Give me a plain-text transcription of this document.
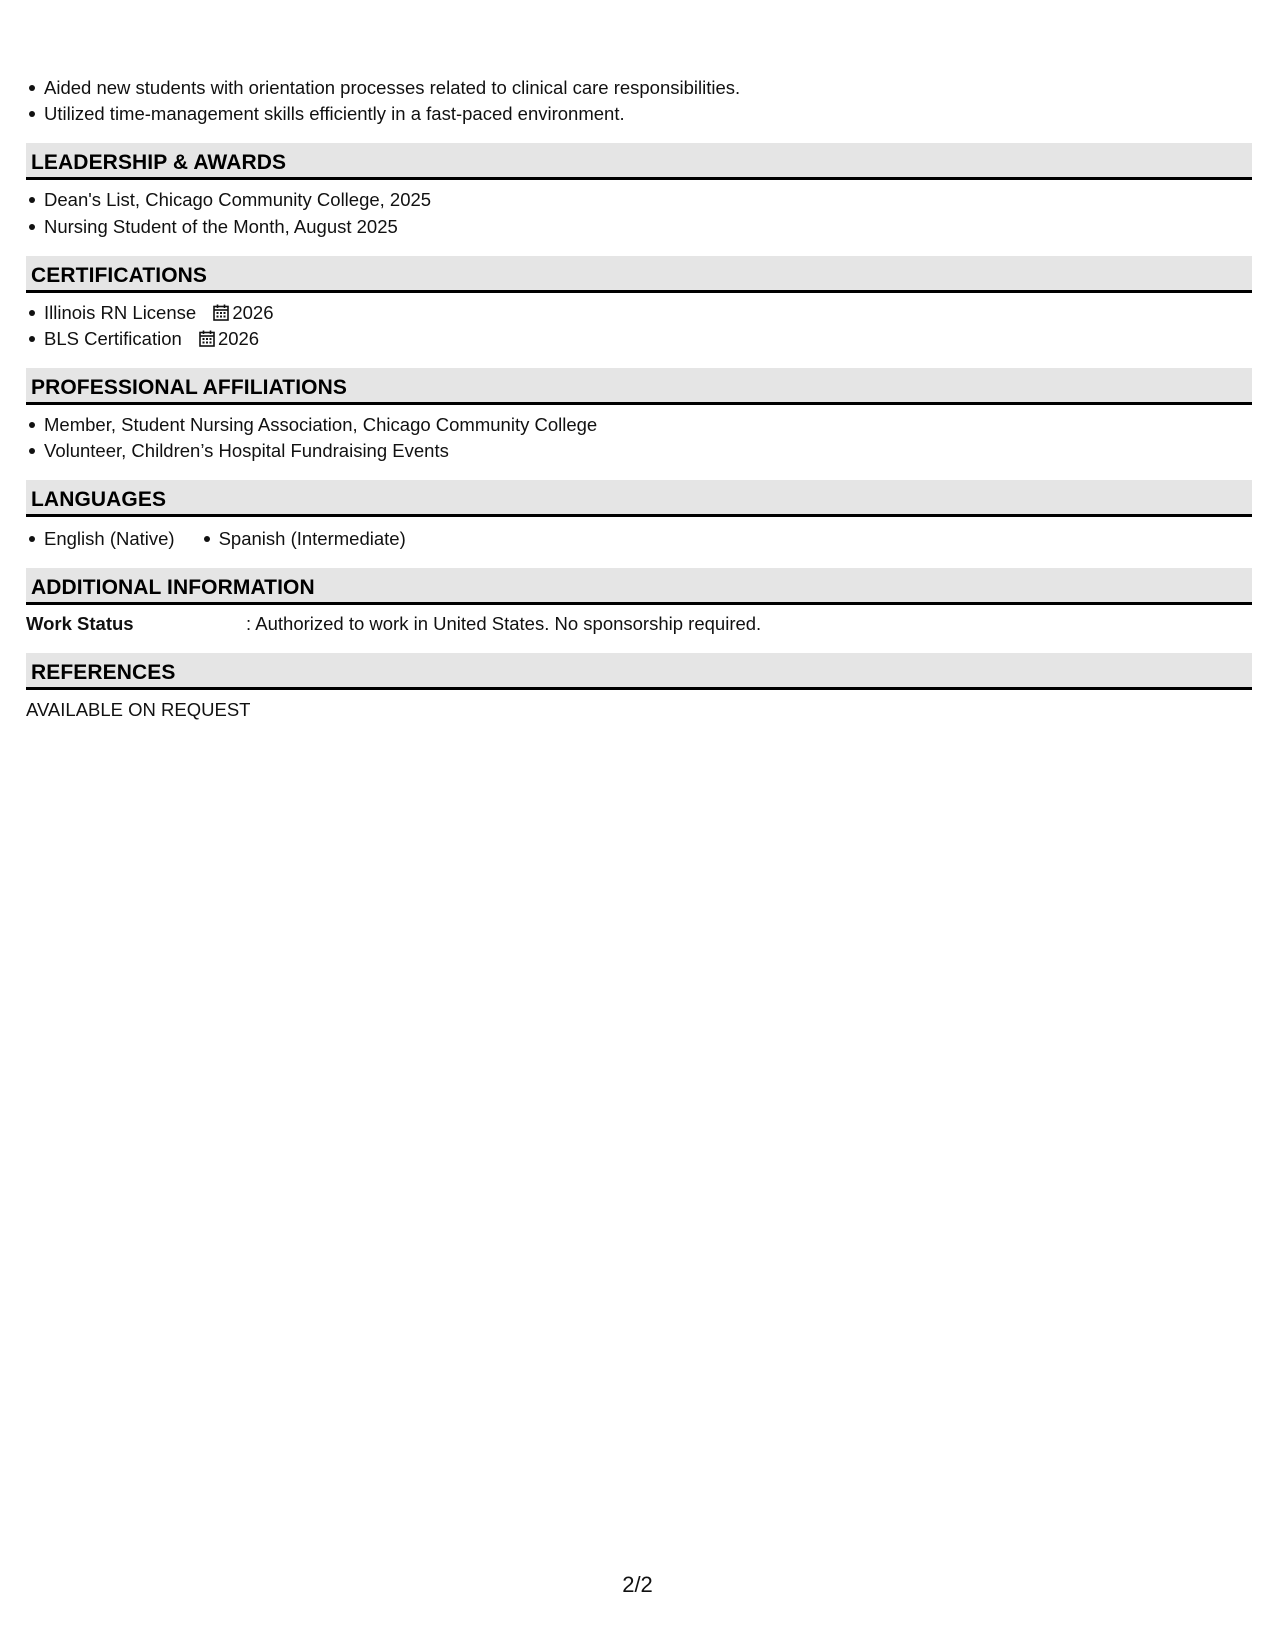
Aided new students with orientation processes related to clinical care responsibilities.
Utilized time-management skills efficiently in a fast-paced environment.
LEADERSHIP & AWARDS
Dean's List, Chicago Community College, 2025
Nursing Student of the Month, August 2025
CERTIFICATIONS
Illinois RN License 2026
BLS Certification 2026
PROFESSIONAL AFFILIATIONS
Member, Student Nursing Association, Chicago Community College
Volunteer, Children’s Hospital Fundraising Events
LANGUAGES
English (Native) Spanish (Intermediate)
ADDITIONAL INFORMATION
Work Status	: Authorized to work in United States. No sponsorship required.
REFERENCES
AVAILABLE ON REQUEST
2/2
